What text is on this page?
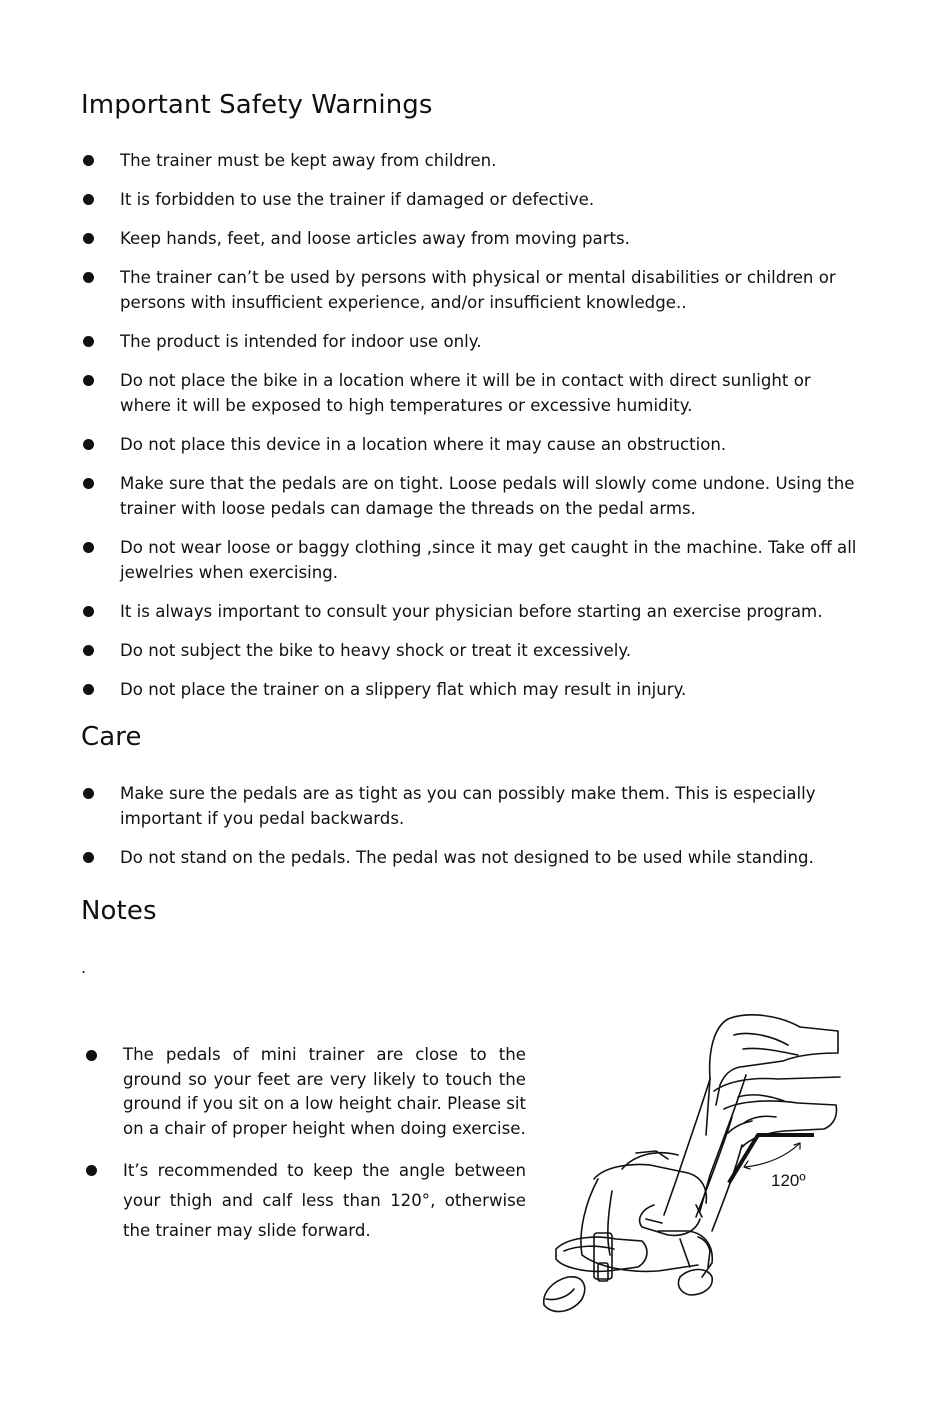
Important Safety Warnings
The trainer must be kept away from children.
It is forbidden to use the trainer if damaged or defective.
Keep hands, feet, and loose articles away from moving parts.
The trainer can’t be used by persons with physical or mental disabilities or children or persons with insufficient experience, and/or insufficient knowledge..
The product is intended for indoor use only.
Do not place the bike in a location where it will be in contact with direct sunlight or where it will be exposed to high temperatures or excessive humidity.
Do not place this device in a location where it may cause an obstruction.
Make sure that the pedals are on tight. Loose pedals will slowly come undone. Using the trainer with loose pedals can damage the threads on the pedal arms.
Do not wear loose or baggy clothing ,since it may get caught in the machine. Take off all jewelries when exercising.
It is always important to consult your physician before starting an exercise program.
Do not subject the bike to heavy shock or treat it excessively.
Do not place the trainer on a slippery flat which may result in injury.
Care
Make sure the pedals are as tight as you can possibly make them. This is especially important if you pedal backwards.
Do not stand on the pedals. The pedal was not designed to be used while standing.
Notes
.
The pedals of mini trainer are close to the ground so your feet are very likely to touch the ground if you sit on a low height chair. Please sit on a chair of proper height when doing exercise.
It’s recommended to keep the angle between your thigh and calf less than 120°, otherwise the trainer may slide forward.
120º
